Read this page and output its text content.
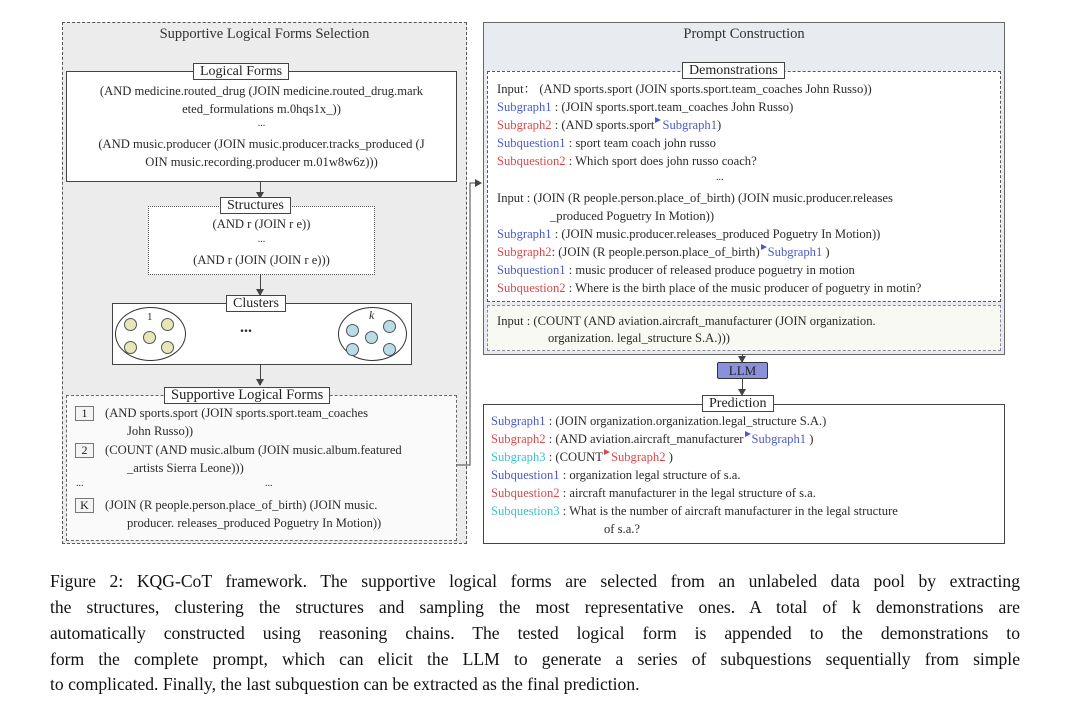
Supportive Logical Forms Selection
Logical Forms
(AND medicine.routed_drug (JOIN medicine.routed_drug.mark
eted_formulations m.0hqs1x_))
...
(AND music.producer (JOIN music.producer.tracks_produced (J
OIN music.recording.producer m.01w8w6z)))
Structures
(AND r (JOIN r e))
...
(AND r (JOIN (JOIN r e)))
Clusters
1
...
k
Supportive Logical Forms
1	(AND sports.sport (JOIN sports.sport.team_coaches
John Russo))
2	(COUNT (AND music.album (JOIN music.album.featured
_artists Sierra Leone)))
...	...
K	(JOIN (R people.person.place_of_birth) (JOIN music.
producer. releases_produced Poguetry In Motion))
Prompt Construction
Demonstrations
Input： (AND sports.sport (JOIN sports.sport.team_coaches John Russo))
Subgraph1 : (JOIN sports.sport.team_coaches John Russo)
Subgraph2 : (AND sports.sport Subgraph1)
Subquestion1 : sport team coach john russo
Subquestion2 : Which sport does john russo coach?
...
Input : (JOIN (R people.person.place_of_birth) (JOIN music.producer.releases
_produced Poguetry In Motion))
Subgraph1 : (JOIN music.producer.releases_produced Poguetry In Motion))
Subgraph2: (JOIN (R people.person.place_of_birth) Subgraph1 )
Subquestion1 : music producer of released produce poguetry in motion
Subquestion2 : Where is the birth place of the music producer of poguetry in motin?
Input : (COUNT (AND aviation.aircraft_manufacturer (JOIN organization.
organization. legal_structure S.A.)))
LLM
Prediction
Subgraph1 : (JOIN organization.organization.legal_structure S.A.)
Subgraph2 : (AND aviation.aircraft_manufacturer Subgraph1 )
Subgraph3 : (COUNT Subgraph2 )
Subquestion1 : organization legal structure of s.a.
Subquestion2 : aircraft manufacturer in the legal structure of s.a.
Subquestion3 : What is the number of aircraft manufacturer in the legal structure
of s.a.?
Figure 2: KQG-CoT framework. The supportive logical forms are selected from an unlabeled data pool by extracting
the structures, clustering the structures and sampling the most representative ones. A total of k demonstrations are
automatically constructed using reasoning chains. The tested logical form is appended to the demonstrations to
form the complete prompt, which can elicit the LLM to generate a series of subquestions sequentially from simple
to complicated. Finally, the last subquestion can be extracted as the final prediction.
